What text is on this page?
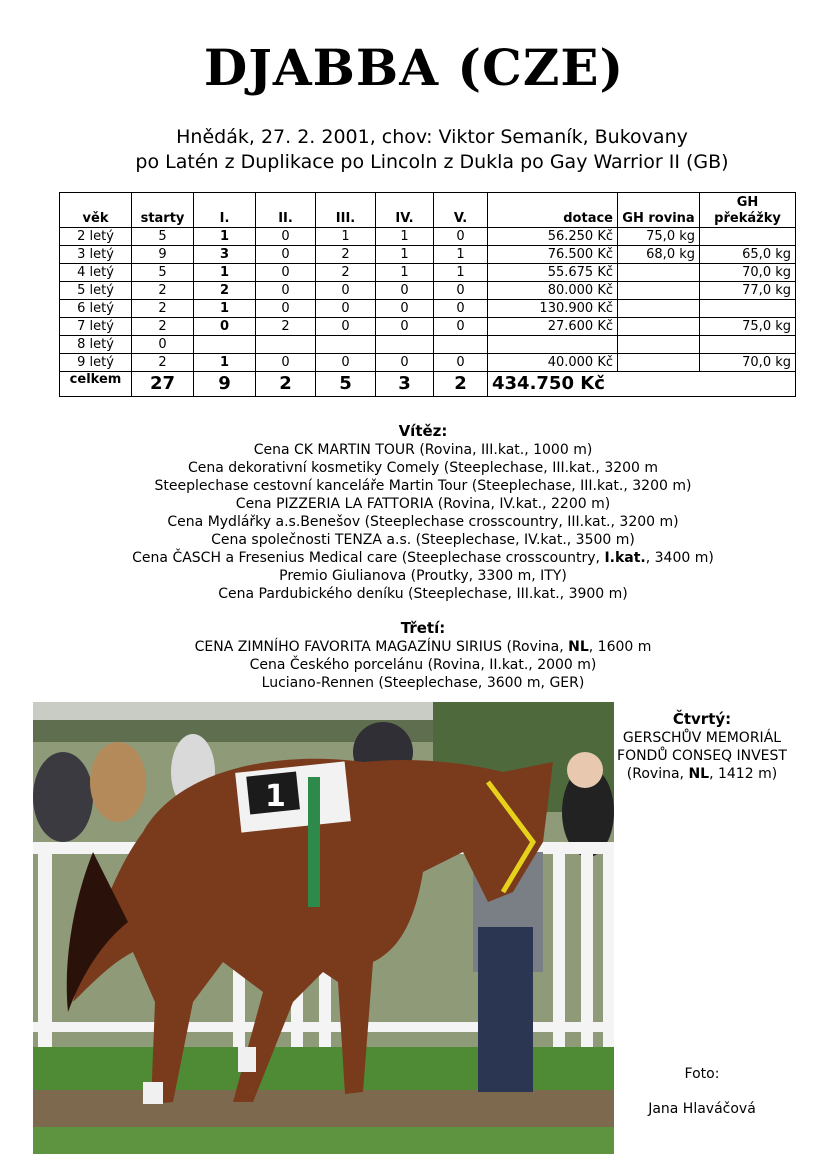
DJABBA (CZE)
Hnědák, 27. 2. 2001, chov: Viktor Semaník, Bukovany
po Latén z Duplikace po Lincoln z Dukla po Gay Warrior II (GB)
věk	starty	I.	II.	III.	IV.	V.	dotace	GH rovina	GH překážky
2 letý	5	1	0	1	1	0	56.250 Kč	75,0 kg	
3 letý	9	3	0	2	1	1	76.500 Kč	68,0 kg	65,0 kg
4 letý	5	1	0	2	1	1	55.675 Kč		70,0 kg
5 letý	2	2	0	0	0	0	80.000 Kč		77,0 kg
6 letý	2	1	0	0	0	0	130.900 Kč		
7 letý	2	0	2	0	0	0	27.600 Kč		75,0 kg
8 letý	0								
9 letý	2	1	0	0	0	0	40.000 Kč		70,0 kg
celkem	27	9	2	5	3	2	434.750 Kč		
Vítěz:
Cena CK MARTIN TOUR (Rovina, III.kat., 1000 m)
Cena dekorativní kosmetiky Comely (Steeplechase, III.kat., 3200 m
Steeplechase cestovní kanceláře Martin Tour (Steeplechase, III.kat., 3200 m)
Cena PIZZERIA LA FATTORIA (Rovina, IV.kat., 2200 m)
Cena Mydlářky a.s.Benešov (Steeplechase crosscountry, III.kat., 3200 m)
Cena společnosti TENZA a.s. (Steeplechase, IV.kat., 3500 m)
Cena ČASCH a Fresenius Medical care (Steeplechase crosscountry, I.kat., 3400 m)
Premio Giulianova (Proutky, 3300 m, ITY)
Cena Pardubického deníku (Steeplechase, III.kat., 3900 m)
Třetí:
CENA ZIMNÍHO FAVORITA MAGAZÍNU SIRIUS (Rovina, NL, 1600 m
Cena Českého porcelánu (Rovina, II.kat., 2000 m)
Luciano-Rennen (Steeplechase, 3600 m, GER)
1
Čtvrtý:
GERSCHŮV MEMORIÁL
FONDŮ CONSEQ INVEST
(Rovina, NL, 1412 m)
Foto:
Jana Hlaváčová
